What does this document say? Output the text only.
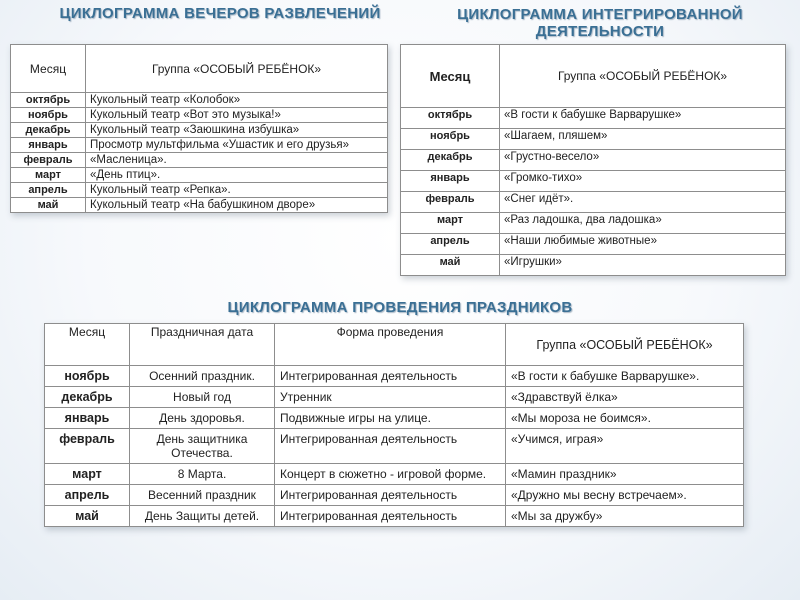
ЦИКЛОГРАММА ВЕЧЕРОВ РАЗВЛЕЧЕНИЙ	ЦИКЛОГРАММА ИНТЕГРИРОВАННОЙ
ДЕЯТЕЛЬНОСТИ
Месяц	Группа «ОСОБЫЙ РЕБЁНОК»
октябрь	Кукольный театр «Колобок»
ноябрь	Кукольный театр «Вот это музыка!»
декабрь	Кукольный театр «Заюшкина избушка»
январь	Просмотр мультфильма «Ушастик и его друзья»
февраль	«Масленица».
март	«День птиц».
апрель	Кукольный театр «Репка».
май	Кукольный театр «На бабушкином дворе»
Месяц	Группа «ОСОБЫЙ РЕБЁНОК»
октябрь	«В гости к бабушке Варварушке»
ноябрь	«Шагаем, пляшем»
декабрь	«Грустно-весело»
январь	«Громко-тихо»
февраль	«Снег идёт».
март	«Раз ладошка, два ладошка»
апрель	«Наши любимые животные»
май	«Игрушки»
ЦИКЛОГРАММА ПРОВЕДЕНИЯ ПРАЗДНИКОВ
Месяц	Праздничная дата	Форма проведения	Группа «ОСОБЫЙ РЕБЁНОК»
ноябрь	Осенний праздник.	Интегрированная деятельность	«В гости к бабушке Варварушке».
декабрь	Новый год	Утренник	«Здравствуй ёлка»
январь	День здоровья.	Подвижные игры на улице.	«Мы мороза не боимся».
февраль	День защитника Отечества.	Интегрированная деятельность	«Учимся, играя»
март	8 Марта.	Концерт в сюжетно - игровой форме.	«Мамин праздник»
апрель	Весенний праздник	Интегрированная деятельность	«Дружно мы весну встречаем».
май	День Защиты детей.	Интегрированная деятельность	«Мы за дружбу»
